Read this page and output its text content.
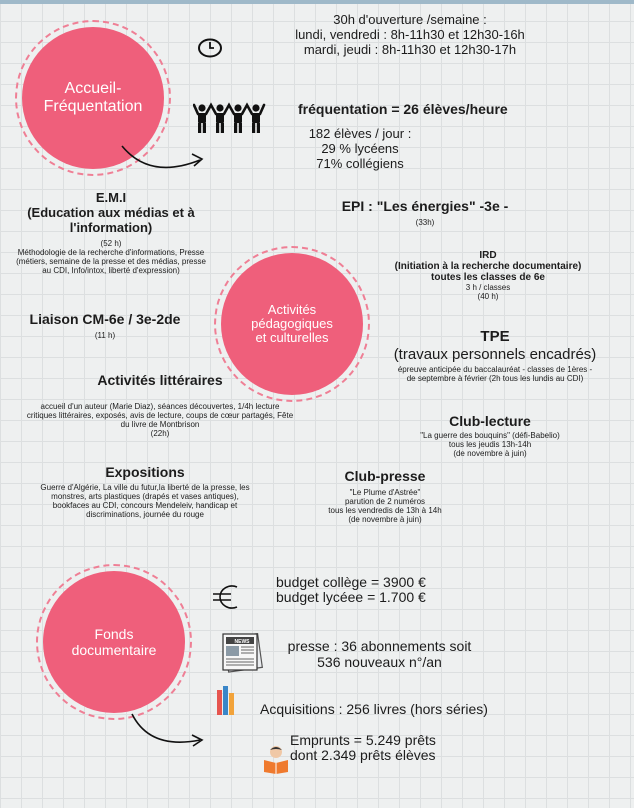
Accueil-
Fréquentation
30h d'ouverture /semaine :
lundi, vendredi : 8h-11h30 et 12h30-16h
mardi, jeudi : 8h-11h30 et 12h30-17h
fréquentation = 26 élèves/heure
182 élèves / jour :
29 % lycéens
71% collégiens
E.M.I
(Education aux médias et à
l'information)
(52 h)
Méthodologie de la recherche d'informations, Presse
(métiers, semaine de la presse et des médias, presse
au CDI, Info/intox, liberté d'expression)
EPI : "Les énergies" -3e -
(33h)
IRD
(Initiation à la recherche documentaire)
toutes les classes de 6e
3 h / classes
(40 h)
Activités
pédagogiques
et culturelles
Liaison CM-6e / 3e-2de
(11 h)	TPE
(travaux personnels encadrés)
épreuve anticipée du baccalauréat - classes de 1ères -
de septembre à février (2h tous les lundis au CDI)
Activités littéraires
accueil d'un auteur (Marie Diaz), séances découvertes, 1/4h lecture
critiques littéraires, exposés, avis de lecture, coups de cœur partagés, Fête
du livre de Montbrison
(22h)
Club-lecture
"La guerre des bouquins" (défi-Babelio)
tous les jeudis 13h-14h
(de novembre à juin)
Expositions
Guerre d'Algérie, La ville du futur,la liberté de la presse, les
monstres, arts plastiques (drapés et vases antiques),
bookfaces au CDI, concours Mendeleiv, handicap et
discriminations, journée du rouge
Club-presse
"Le Plume d'Astrée"
parution de 2 numéros
tous les vendredis de 13h à 14h
(de novembre à juin)
Fonds
documentaire
budget collège = 3900 €
budget lycéee = 1.700 €
NEWS	presse : 36 abonnements soit
536 nouveaux n°/an
Acquisitions : 256 livres (hors séries)
Emprunts = 5.249 prêts
dont 2.349 prêts élèves
